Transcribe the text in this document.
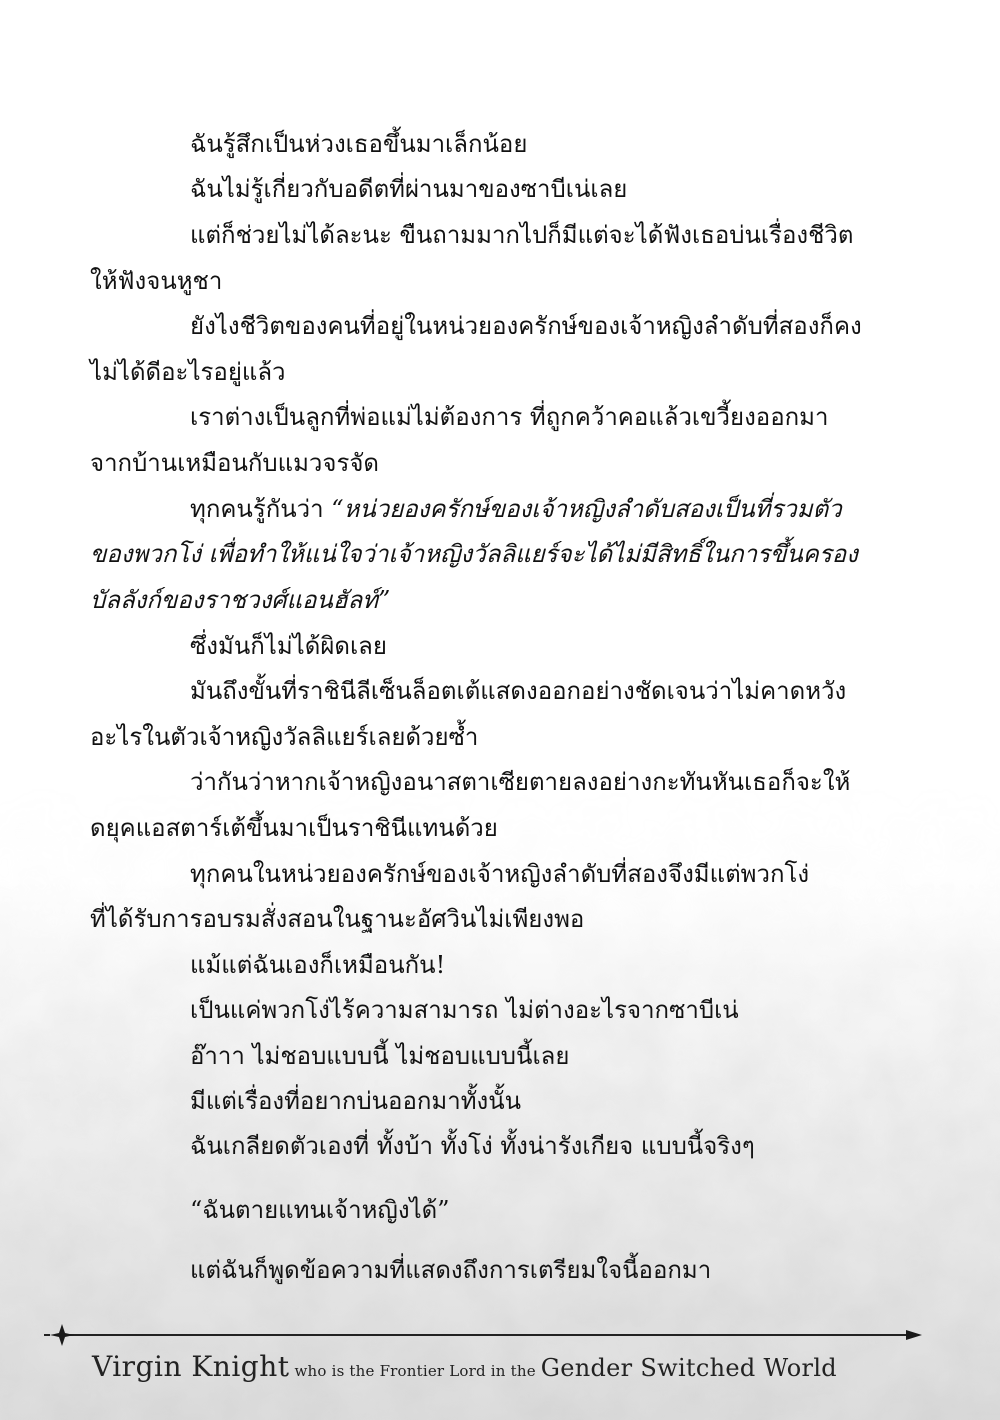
ฉันรู้สึกเป็นห่วงเธอขึ้นมาเล็กน้อย
ฉันไม่รู้เกี่ยวกับอดีตที่ผ่านมาของซาบีเน่เลย
แต่ก็ช่วยไม่ได้ละนะ ขืนถามมากไปก็มีแต่จะได้ฟังเธอบ่นเรื่องชีวิต
ให้ฟังจนหูชา
ยังไงชีวิตของคนที่อยู่ในหน่วยองครักษ์ของเจ้าหญิงลำดับที่สองก็คง
ไม่ได้ดีอะไรอยู่แล้ว
เราต่างเป็นลูกที่พ่อแม่ไม่ต้องการ ที่ถูกคว้าคอแล้วเขวี้ยงออกมา
จากบ้านเหมือนกับแมวจรจัด
ทุกคนรู้กันว่า “หน่วยองครักษ์ของเจ้าหญิงลำดับสองเป็นที่รวมตัว
ของพวกโง่ เพื่อทำให้แน่ใจว่าเจ้าหญิงวัลลิแยร์จะได้ไม่มีสิทธิ์ในการขึ้นครอง
บัลลังก์ของราชวงศ์แอนฮัลท์”
ซึ่งมันก็ไม่ได้ผิดเลย
มันถึงขั้นที่ราชินีลีเซ็นล็อตเต้แสดงออกอย่างชัดเจนว่าไม่คาดหวัง
อะไรในตัวเจ้าหญิงวัลลิแยร์เลยด้วยซ้ำ
ว่ากันว่าหากเจ้าหญิงอนาสตาเซียตายลงอย่างกะทันหันเธอก็จะให้
ดยุคแอสตาร์เต้ขึ้นมาเป็นราชินีแทนด้วย
ทุกคนในหน่วยองครักษ์ของเจ้าหญิงลำดับที่สองจึงมีแต่พวกโง่
ที่ได้รับการอบรมสั่งสอนในฐานะอัศวินไม่เพียงพอ
แม้แต่ฉันเองก็เหมือนกัน!
เป็นแค่พวกโง่ไร้ความสามารถ ไม่ต่างอะไรจากซาบีเน่
อ๊าาา ไม่ชอบแบบนี้ ไม่ชอบแบบนี้เลย
มีแต่เรื่องที่อยากบ่นออกมาทั้งนั้น
ฉันเกลียดตัวเองที่ ทั้งบ้า ทั้งโง่ ทั้งน่ารังเกียจ แบบนี้จริงๆ
“ฉันตายแทนเจ้าหญิงได้”
แต่ฉันก็พูดข้อความที่แสดงถึงการเตรียมใจนี้ออกมา
Virgin Knight who is the Frontier Lord in the Gender Switched World
